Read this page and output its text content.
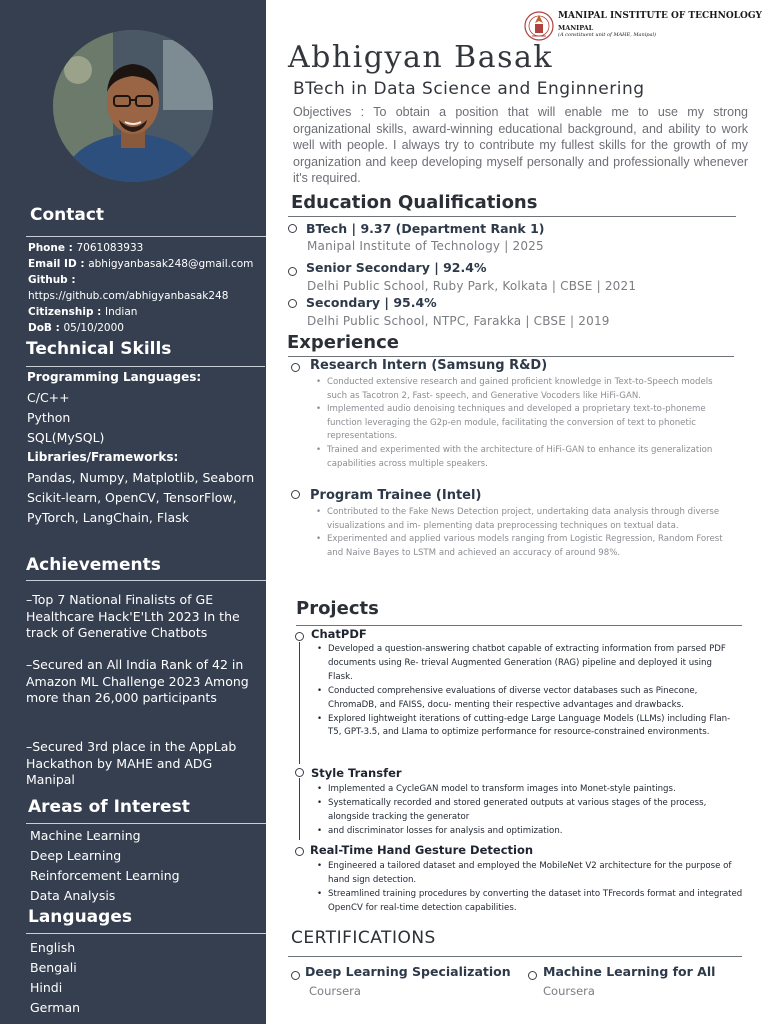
Contact
Phone : 7061083933
Email ID : abhigyanbasak248@gmail.com
Github :
https://github.com/abhigyanbasak248
Citizenship : Indian
DoB : 05/10/2000
Technical Skills
Programming Languages:
C/C++
Python
SQL(MySQL)
Libraries/Frameworks:
Pandas, Numpy, Matplotlib, Seaborn
Scikit-learn, OpenCV, TensorFlow,
PyTorch, LangChain, Flask
Achievements
–Top 7 National Finalists of GE Healthcare Hack'E'Lth 2023 In the track of Generative Chatbots
–Secured an All India Rank of 42 in Amazon ML Challenge 2023 Among more than 26,000 participants
–Secured 3rd place in the AppLab Hackathon by MAHE and ADG Manipal
Areas of Interest
Machine Learning
Deep Learning
Reinforcement Learning
Data Analysis
Languages
English
Bengali
Hindi
German
MANIPAL INSTITUTE OF TECHNOLOGY
MANIPAL
(A constituent unit of MAHE, Manipal)
Abhigyan Basak
BTech in Data Science and Enginnering
Objectives : To obtain a position that will enable me to use my strong organizational skills, award-winning educational background, and ability to work well with people. I always try to contribute my fullest skills for the growth of my organization and keep developing myself personally and professionally whenever it's required.
Education Qualifications
BTech | 9.37 (Department Rank 1)
Manipal Institute of Technology | 2025
Senior Secondary | 92.4%
Delhi Public School, Ruby Park, Kolkata | CBSE | 2021
Secondary | 95.4%
Delhi Public School, NTPC, Farakka | CBSE | 2019
Experience
Research Intern (Samsung R&D)
• Conducted extensive research and gained proficient knowledge in Text-to-Speech models such as Tacotron 2, Fast- speech, and Generative Vocoders like HiFi-GAN.
• Implemented audio denoising techniques and developed a proprietary text-to-phoneme function leveraging the G2p-en module, facilitating the conversion of text to phonetic representations.
• Trained and experimented with the architecture of HiFi-GAN to enhance its generalization capabilities across multiple speakers.
Program Trainee (Intel)
• Contributed to the Fake News Detection project, undertaking data analysis through diverse visualizations and im- plementing data preprocessing techniques on textual data.
• Experimented and applied various models ranging from Logistic Regression, Random Forest and Naive Bayes to LSTM and achieved an accuracy of around 98%.
Projects
ChatPDF
• Developed a question-answering chatbot capable of extracting information from parsed PDF documents using Re- trieval Augmented Generation (RAG) pipeline and deployed it using Flask.
• Conducted comprehensive evaluations of diverse vector databases such as Pinecone, ChromaDB, and FAISS, docu- menting their respective advantages and drawbacks.
• Explored lightweight iterations of cutting-edge Large Language Models (LLMs) including Flan-T5, GPT-3.5, and Llama to optimize performance for resource-constrained environments.
Style Transfer
• Implemented a CycleGAN model to transform images into Monet-style paintings.
• Systematically recorded and stored generated outputs at various stages of the process, alongside tracking the generator
• and discriminator losses for analysis and optimization.
Real-Time Hand Gesture Detection
• Engineered a tailored dataset and employed the MobileNet V2 architecture for the purpose of hand sign detection.
• Streamlined training procedures by converting the dataset into TFrecords format and integrated OpenCV for real-time detection capabilities.
CERTIFICATIONS
Deep Learning Specialization
Coursera
Machine Learning for All
Coursera
